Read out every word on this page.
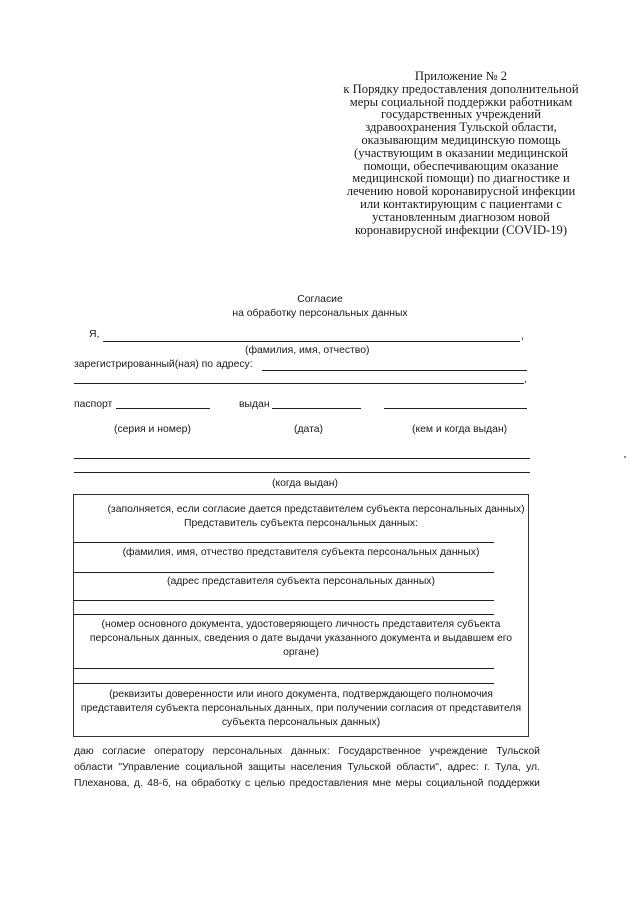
Приложение № 2
к Порядку предоставления дополнительной
меры социальной поддержки работникам
государственных учреждений
здравоохранения Тульской области,
оказывающим медицинскую помощь
(участвующим в оказании медицинской
помощи, обеспечивающим оказание
медицинской помощи) по диагностике и
лечению новой коронавирусной инфекции
или контактирующим с пациентами с
установленным диагнозом новой
коронавирусной инфекции (COVID-19)
Согласие
на обработку персональных данных
Я,	,
(фамилия, имя, отчество)
зарегистрированный(ная) по адресу:
,
паспорт	выдан
(серия и номер)	(дата)	(кем и когда выдан)
(когда выдан)
(заполняется, если согласие дается представителем субъекта персональных данных)
Представитель субъекта персональных данных:
(фамилия, имя, отчество представителя субъекта персональных данных)
(адрес представителя субъекта персональных данных)
(номер основного документа, удостоверяющего личность представителя субъекта
персональных данных, сведения о дате выдачи указанного документа и выдавшем его
органе)
(реквизиты доверенности или иного документа, подтверждающего полномочия
представителя субъекта персональных данных, при получении согласия от представителя
субъекта персональных данных)
даю согласие оператору персональных данных: Государственное учреждение Тульской
области "Управление социальной защиты населения Тульской области", адрес: г. Тула, ул.
Плеханова, д. 48-б, на обработку с целью предоставления мне меры социальной поддержки
